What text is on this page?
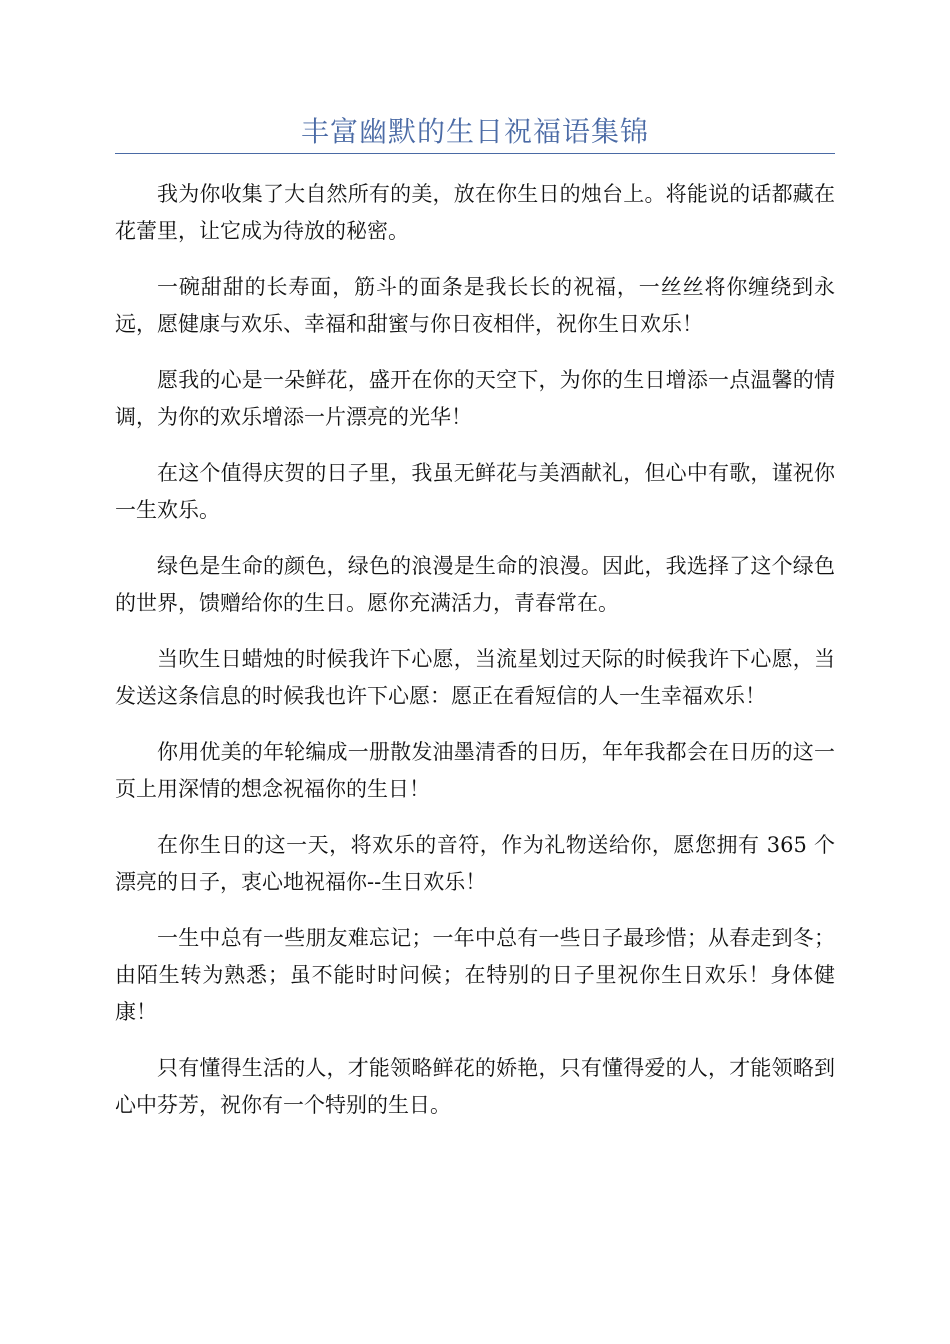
丰富幽默的生日祝福语集锦

我为你收集了大自然所有的美，放在你生日的烛台上。将能说的话都藏在花蕾里，让它成为待放的秘密。

一碗甜甜的长寿面，筋斗的面条是我长长的祝福，一丝丝将你缠绕到永远，愿健康与欢乐、幸福和甜蜜与你日夜相伴，祝你生日欢乐！

愿我的心是一朵鲜花，盛开在你的天空下，为你的生日增添一点温馨的情调，为你的欢乐增添一片漂亮的光华！

在这个值得庆贺的日子里，我虽无鲜花与美酒献礼，但心中有歌，谨祝你一生欢乐。

绿色是生命的颜色，绿色的浪漫是生命的浪漫。因此，我选择了这个绿色的世界，馈赠给你的生日。愿你充满活力，青春常在。

当吹生日蜡烛的时候我许下心愿，当流星划过天际的时候我许下心愿，当发送这条信息的时候我也许下心愿：愿正在看短信的人一生幸福欢乐！

你用优美的年轮编成一册散发油墨清香的日历，年年我都会在日历的这一页上用深情的想念祝福你的生日！

在你生日的这一天，将欢乐的音符，作为礼物送给你，愿您拥有 365 个漂亮的日子，衷心地祝福你--生日欢乐！

一生中总有一些朋友难忘记；一年中总有一些日子最珍惜；从春走到冬；由陌生转为熟悉；虽不能时时问候；在特别的日子里祝你生日欢乐！身体健康！

只有懂得生活的人，才能领略鲜花的娇艳，只有懂得爱的人，才能领略到心中芬芳，祝你有一个特别的生日。
